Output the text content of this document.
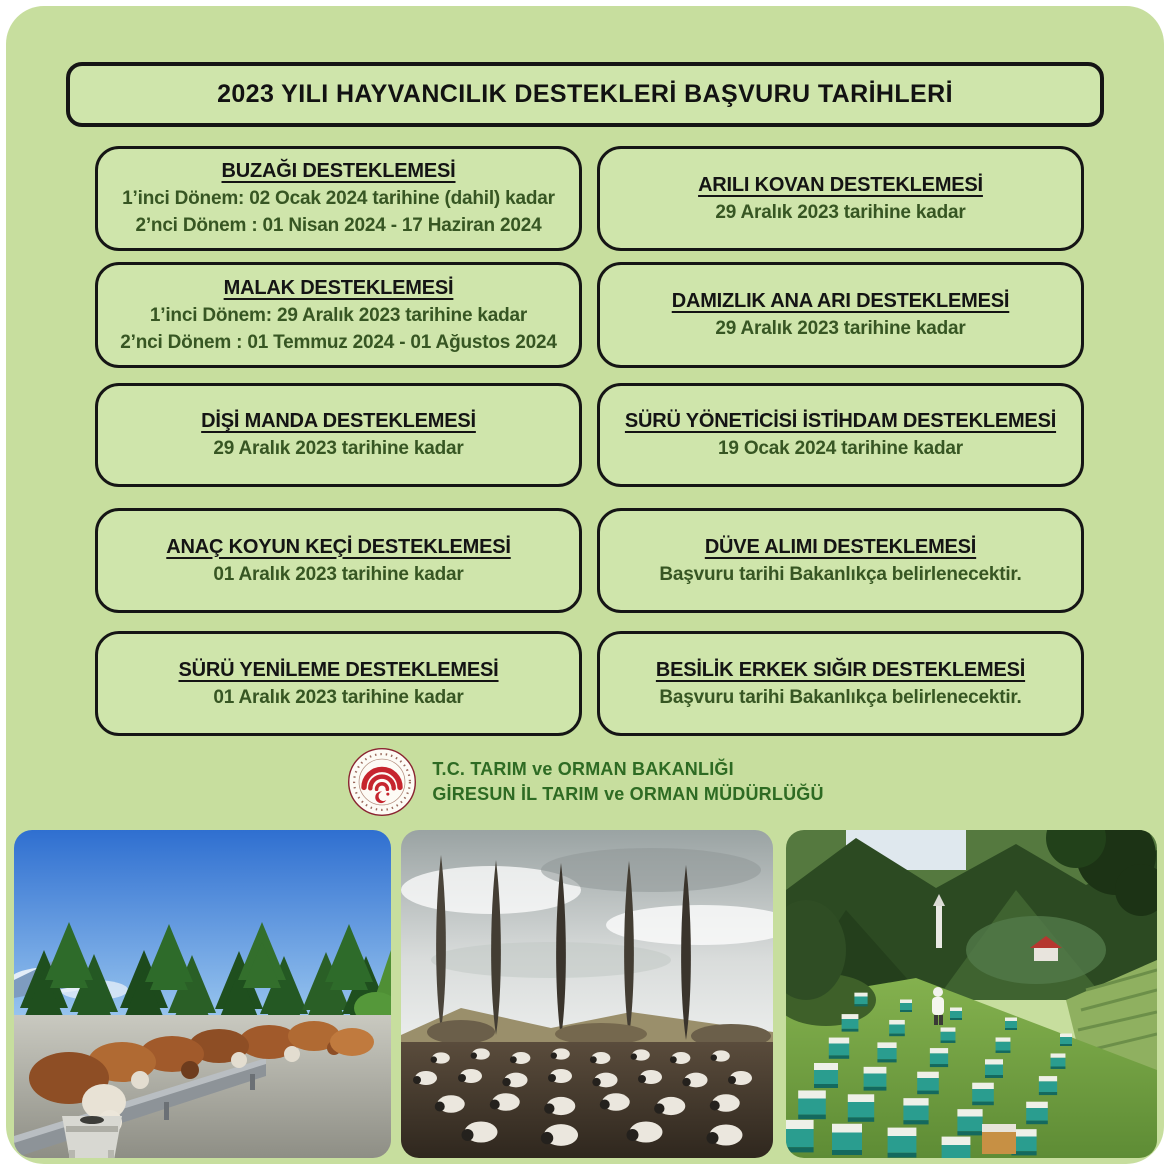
2023 YILI HAYVANCILIK DESTEKLERİ BAŞVURU TARİHLERİ
BUZAĞI DESTEKLEMESİ
1’inci Dönem: 02 Ocak 2024 tarihine (dahil) kadar
2’nci Dönem : 01 Nisan 2024 - 17 Haziran 2024
ARILI KOVAN DESTEKLEMESİ
29 Aralık 2023 tarihine kadar
MALAK DESTEKLEMESİ
1’inci Dönem: 29 Aralık 2023 tarihine kadar
2’nci Dönem : 01 Temmuz 2024 - 01 Ağustos 2024
DAMIZLIK ANA ARI DESTEKLEMESİ
29 Aralık 2023 tarihine kadar
DİŞİ MANDA DESTEKLEMESİ
29 Aralık 2023 tarihine kadar
SÜRÜ YÖNETİCİSİ İSTİHDAM DESTEKLEMESİ
19 Ocak 2024 tarihine kadar
ANAÇ KOYUN KEÇİ DESTEKLEMESİ
01 Aralık 2023 tarihine kadar
DÜVE ALIMI DESTEKLEMESİ
Başvuru tarihi Bakanlıkça belirlenecektir.
SÜRÜ YENİLEME DESTEKLEMESİ
01 Aralık 2023 tarihine kadar
BESİLİK ERKEK SIĞIR DESTEKLEMESİ
Başvuru tarihi Bakanlıkça belirlenecektir.
T.C. TARIM ve ORMAN BAKANLIĞI
GİRESUN İL TARIM ve ORMAN MÜDÜRLÜĞÜ
